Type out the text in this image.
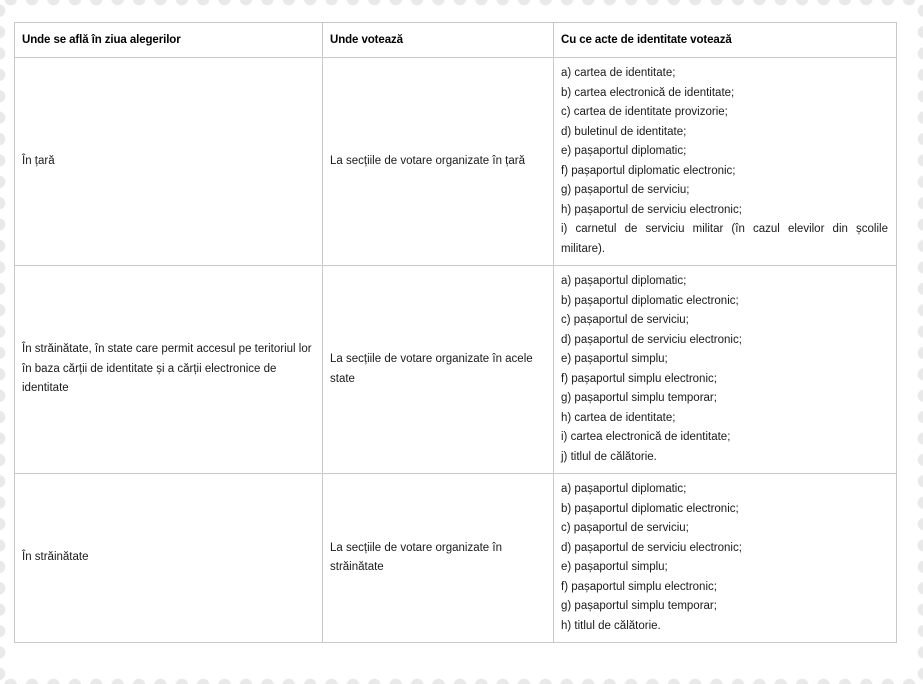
Unde se află în ziua alegerilor	Unde votează	Cu ce acte de identitate votează
În țară	La secțiile de votare organizate în țară	
a) cartea de identitate;
b) cartea electronică de identitate;
c) cartea de identitate provizorie;
d) buletinul de identitate;
e) pașaportul diplomatic;
f) pașaportul diplomatic electronic;
g) pașaportul de serviciu;
h) pașaportul de serviciu electronic;
i) carnetul de serviciu militar (în cazul elevilor din școlile militare).

În străinătate, în state care permit accesul pe teritoriul lor în baza cărții de identitate și a cărții electronice de identitate	La secțiile de votare organizate în acele state	
a) pașaportul diplomatic;
b) pașaportul diplomatic electronic;
c) pașaportul de serviciu;
d) pașaportul de serviciu electronic;
e) pașaportul simplu;
f) pașaportul simplu electronic;
g) pașaportul simplu temporar;
h) cartea de identitate;
i) cartea electronică de identitate;
j) titlul de călătorie.

În străinătate	La secțiile de votare organizate în străinătate	
a) pașaportul diplomatic;
b) pașaportul diplomatic electronic;
c) pașaportul de serviciu;
d) pașaportul de serviciu electronic;
e) pașaportul simplu;
f) pașaportul simplu electronic;
g) pașaportul simplu temporar;
h) titlul de călătorie.
